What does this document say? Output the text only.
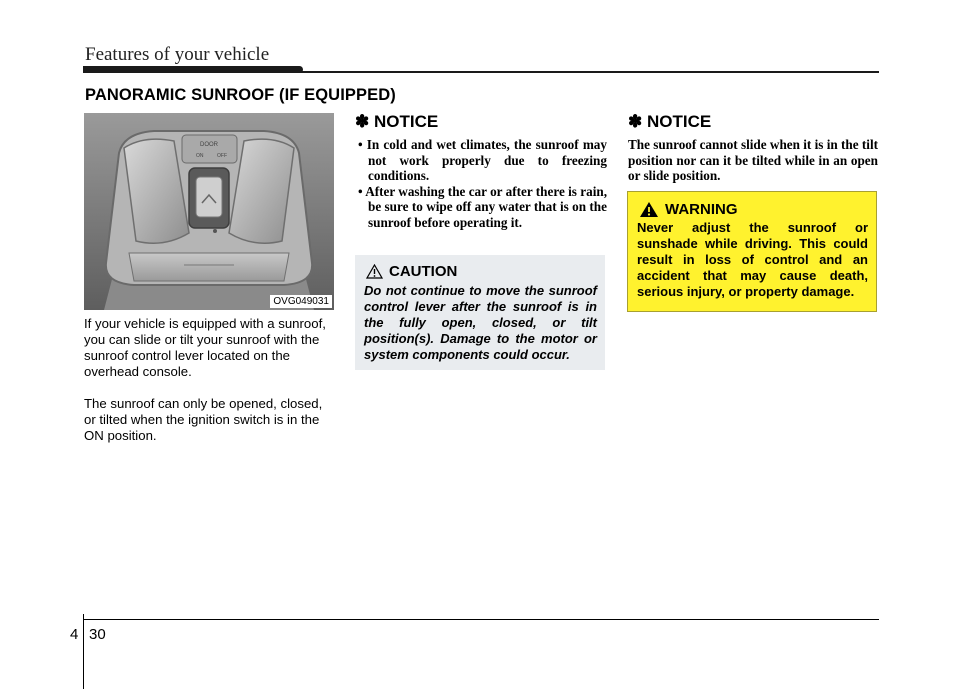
Features of your vehicle
PANORAMIC SUNROOF (IF EQUIPPED)
DOOR
ON	OFF
OVG049031
If your vehicle is equipped with a sunroof, you can slide or tilt your sunroof with the sunroof control lever located on the overhead console.
The sunroof can only be opened, closed, or tilted when the ignition switch is in the ON position.
✽ NOTICE
• In cold and wet climates, the sunroof may not work properly due to freezing conditions.
• After washing the car or after there is rain, be sure to wipe off any water that is on the sunroof before operating it.
CAUTION
Do not continue to move the sunroof control lever after the sunroof is in the fully open, closed, or tilt position(s). Damage to the motor or system components could occur.
✽ NOTICE
The sunroof cannot slide when it is in the tilt position nor can it be tilted while in an open or slide position.
WARNING
Never adjust the sunroof or sunshade while driving. This could result in loss of control and an accident that may cause death, serious injury, or property damage.
4 30
